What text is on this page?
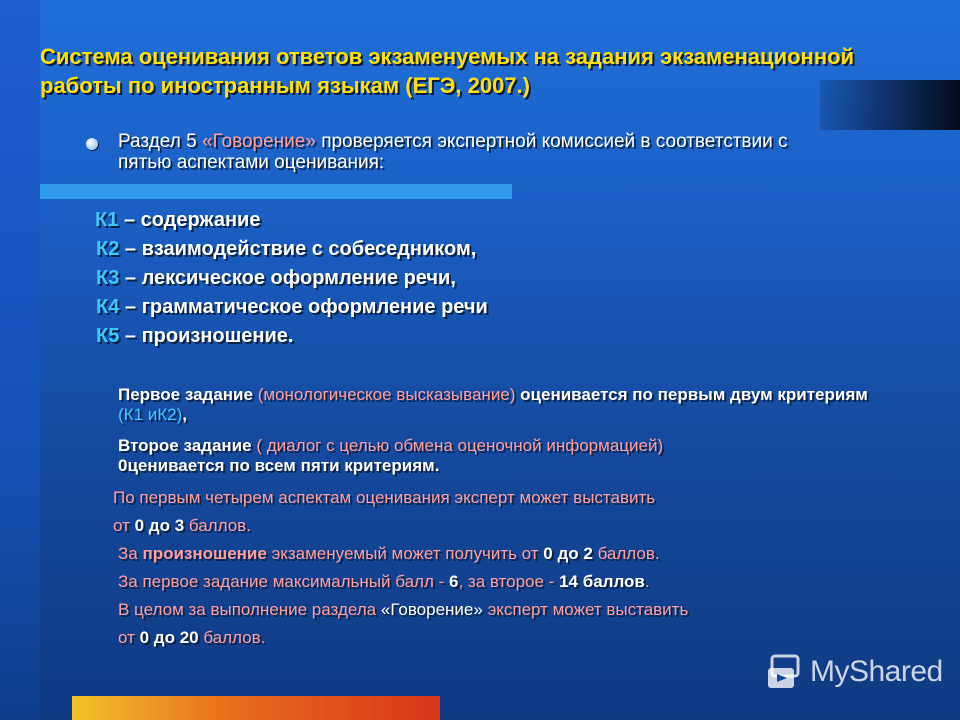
Система оценивания ответов экзаменуемых на задания экзаменационной работы по иностранным языкам (ЕГЭ, 2007.)
Раздел 5 «Говорение» проверяется экспертной комиссией в соответствии с пятью аспектами оценивания:
К1 – содержание
К2 – взаимодействие с собеседником,
К3 – лексическое оформление речи,
К4 – грамматическое оформление речи
К5 – произношение.
Первое задание (монологическое высказывание) оценивается по первым двум критериям (К1 иК2),
Второе задание ( диалог с целью обмена оценочной информацией)
0ценивается по всем пяти критериям.
По первым четырем аспектам оценивания эксперт может выставить
от 0 до 3 баллов.
За произношение экзаменуемый может получить от 0 до 2 баллов.
За первое задание максимальный балл - 6, за второе - 14 баллов.
В целом за выполнение раздела «Говорение» эксперт может выставить
от 0 до 20 баллов.
MyShared
